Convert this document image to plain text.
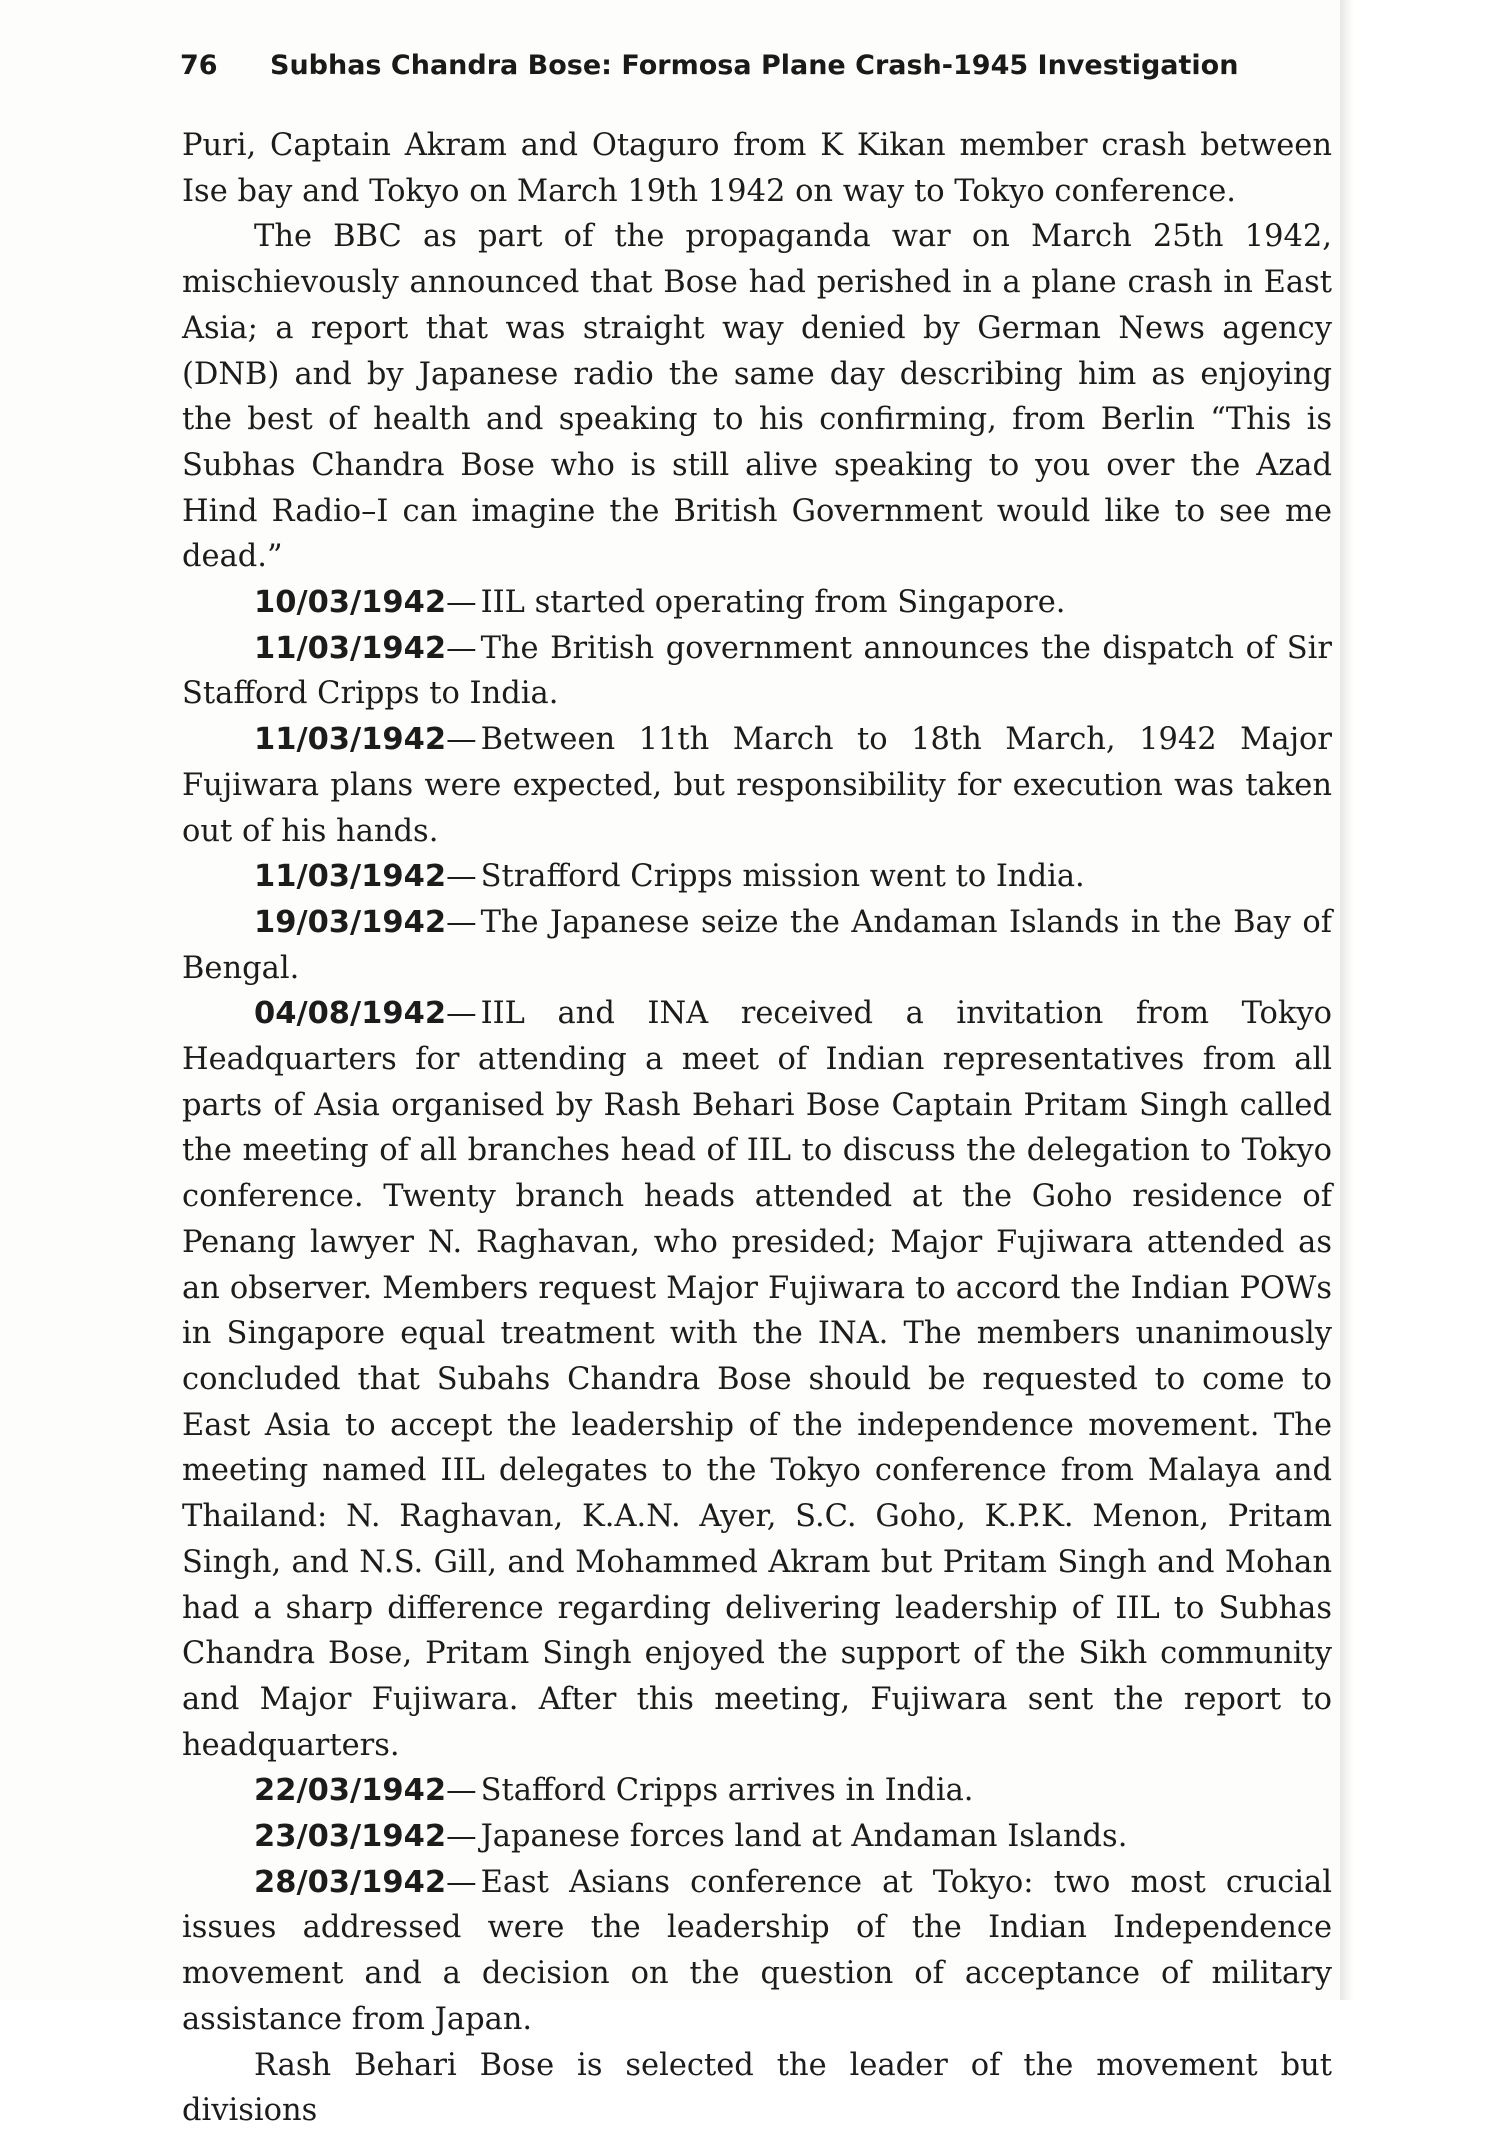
76 Subhas Chandra Bose: Formosa Plane Crash-1945 Investigation

Puri, Captain Akram and Otaguro from K Kikan member crash between Ise bay and Tokyo on March 19th 1942 on way to Tokyo conference.

The BBC as part of the propaganda war on March 25th 1942, mischievously announced that Bose had perished in a plane crash in East Asia; a report that was straight way denied by German News agency (DNB) and by Japanese radio the same day describing him as enjoying the best of health and speaking to his confirming, from Berlin “This is Subhas Chandra Bose who is still alive speaking to you over the Azad Hind Radio–I can imagine the British Government would like to see me dead.”

10/03/1942— IIL started operating from Singapore.

11/03/1942— The British government announces the dispatch of Sir Stafford Cripps to India.

11/03/1942— Between 11th March to 18th March, 1942 Major Fujiwara plans were expected, but responsibility for execution was taken out of his hands.

11/03/1942— Strafford Cripps mission went to India.

19/03/1942— The Japanese seize the Andaman Islands in the Bay of Bengal.

04/08/1942— IIL and INA received a invitation from Tokyo Headquarters for attending a meet of Indian representatives from all parts of Asia organised by Rash Behari Bose Captain Pritam Singh called the meeting of all branches head of IIL to discuss the delegation to Tokyo conference. Twenty branch heads attended at the Goho residence of Penang lawyer N. Raghavan, who presided; Major Fujiwara attended as an observer. Members request Major Fujiwara to accord the Indian POWs in Singapore equal treatment with the INA. The members unanimously concluded that Subahs Chandra Bose should be requested to come to East Asia to accept the leadership of the independence movement. The meeting named IIL delegates to the Tokyo conference from Malaya and Thailand: N. Raghavan, K.A.N. Ayer, S.C. Goho, K.P.K. Menon, Pritam Singh, and N.S. Gill, and Mohammed Akram but Pritam Singh and Mohan had a sharp difference regarding delivering leadership of IIL to Subhas Chandra Bose, Pritam Singh enjoyed the support of the Sikh community and Major Fujiwara. After this meeting, Fujiwara sent the report to headquarters.

22/03/1942— Stafford Cripps arrives in India.

23/03/1942— Japanese forces land at Andaman Islands.

28/03/1942— East Asians conference at Tokyo: two most crucial issues addressed were the leadership of the Indian Independence movement and a decision on the question of acceptance of military assistance from Japan.

Rash Behari Bose is selected the leader of the movement but divisions
